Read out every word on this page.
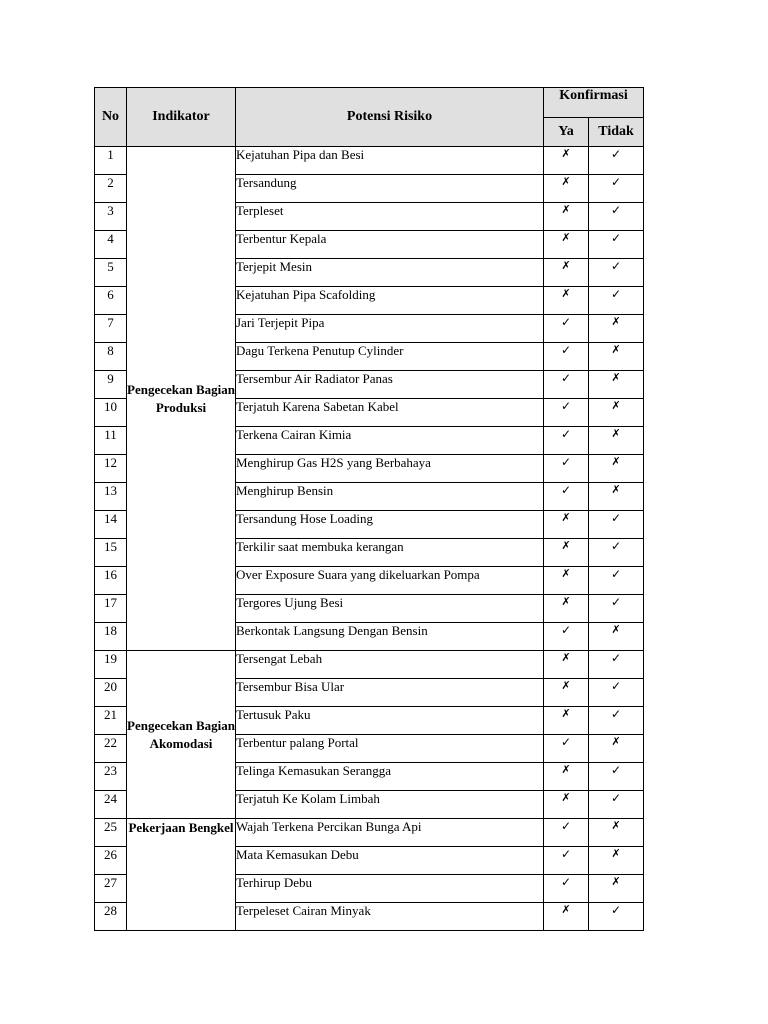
No	Indikator	Potensi Risiko	Konfirmasi	
			Ya	Tidak
1	Pengecekan Bagian Produksi	Kejatuhan Pipa dan Besi	✗	✓
2		Tersandung	✗	✓
3		Terpleset	✗	✓
4		Terbentur Kepala	✗	✓
5		Terjepit Mesin	✗	✓
6		Kejatuhan Pipa Scafolding	✗	✓
7		Jari Terjepit Pipa	✓	✗
8		Dagu Terkena Penutup Cylinder	✓	✗
9		Tersembur Air Radiator Panas	✓	✗
10		Terjatuh Karena Sabetan Kabel	✓	✗
11		Terkena Cairan Kimia	✓	✗
12		Menghirup Gas H2S yang Berbahaya	✓	✗
13		Menghirup Bensin	✓	✗
14		Tersandung Hose Loading	✗	✓
15		Terkilir saat membuka kerangan	✗	✓
16		Over Exposure Suara yang dikeluarkan Pompa	✗	✓
17		Tergores Ujung Besi	✗	✓
18		Berkontak Langsung Dengan Bensin	✓	✗
19	Pengecekan Bagian Akomodasi	Tersengat Lebah	✗	✓
20		Tersembur Bisa Ular	✗	✓
21		Tertusuk Paku	✗	✓
22		Terbentur palang Portal	✓	✗
23		Telinga Kemasukan Serangga	✗	✓
24		Terjatuh Ke Kolam Limbah	✗	✓
25	Pekerjaan Bengkel	Wajah Terkena Percikan Bunga Api	✓	✗
26		Mata Kemasukan Debu	✓	✗
27		Terhirup Debu	✓	✗
28		Terpeleset Cairan Minyak	✗	✓
